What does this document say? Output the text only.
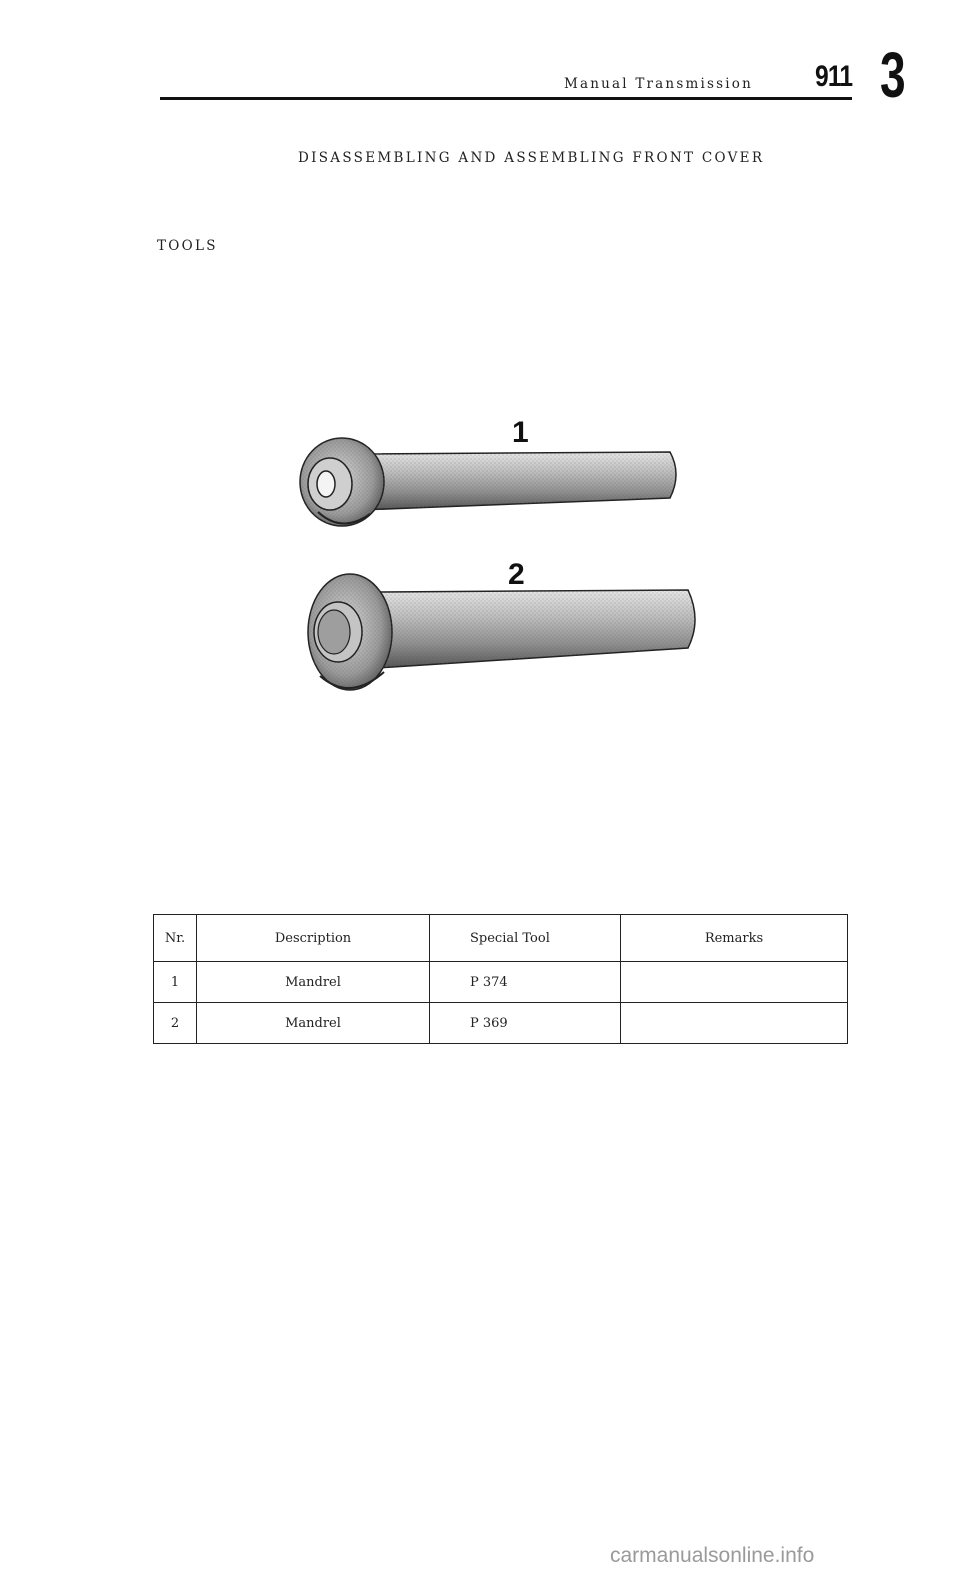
Manual Transmission 911 3
DISASSEMBLING AND ASSEMBLING FRONT COVER
TOOLS
1
2
Nr.	Description	Special Tool	Remarks
1	Mandrel	P 374	
2	Mandrel	P 369	
carmanualsonline.info
